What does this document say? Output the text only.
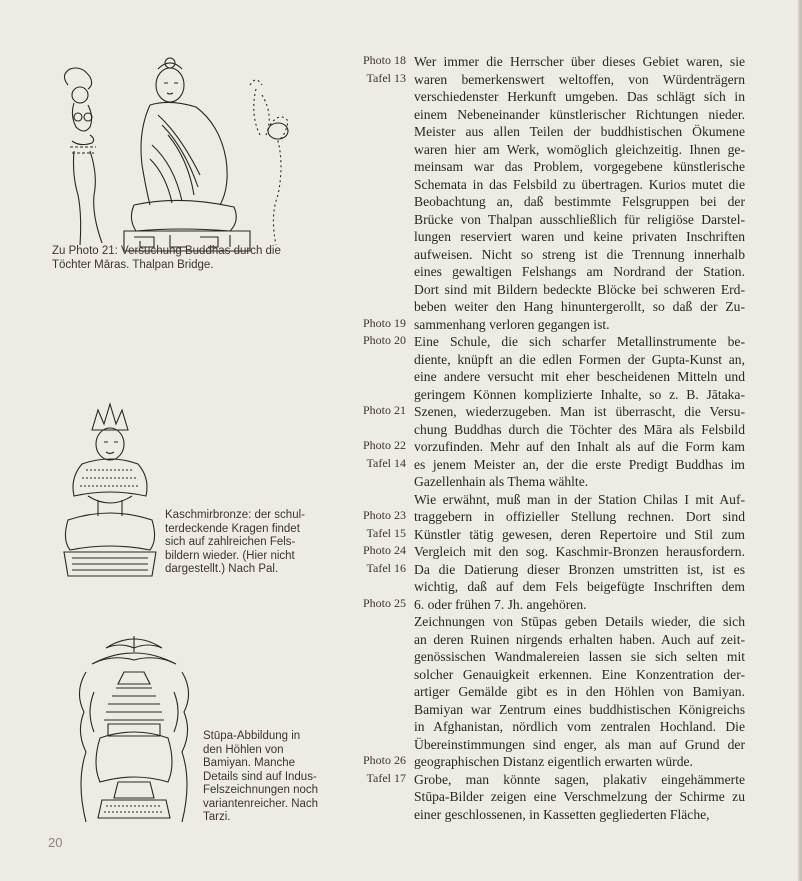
Zu Photo 21: Versuchung Buddhas durch die
Töchter Māras. Thalpan Bridge.
Kaschmirbronze: der schul-
terdeckende Kragen findet
sich auf zahlreichen Fels-
bildern wieder. (Hier nicht
dargestellt.) Nach Pal.
Stūpa-Abbildung in
den Höhlen von
Bamiyan. Manche
Details sind auf Indus-
Felszeichnungen noch
variantenreicher. Nach
Tarzi.
Photo 18
Tafel 13
Photo 19
Photo 20
Photo 21
Photo 22
Tafel 14
Photo 23
Tafel 15
Photo 24
Tafel 16
Photo 25
Photo 26
Tafel 17
Wer immer die Herrscher über dieses Gebiet waren, sie
waren bemerkenswert weltoffen, von Würdenträgern
verschiedenster Herkunft umgeben. Das schlägt sich in
einem Nebeneinander künstlerischer Richtungen nieder.
Meister aus allen Teilen der buddhistischen Ökumene
waren hier am Werk, womöglich gleichzeitig. Ihnen ge-
meinsam war das Problem, vorgegebene künstlerische
Schemata in das Felsbild zu übertragen. Kurios mutet die
Beobachtung an, daß bestimmte Felsgruppen bei der
Brücke von Thalpan ausschließlich für religiöse Darstel-
lungen reserviert waren und keine privaten Inschriften
aufweisen. Nicht so streng ist die Trennung innerhalb
eines gewaltigen Felshangs am Nordrand der Station.
Dort sind mit Bildern bedeckte Blöcke bei schweren Erd-
beben weiter den Hang hinuntergerollt, so daß der Zu-
sammenhang verloren gegangen ist.
Eine Schule, die sich scharfer Metallinstrumente be-
diente, knüpft an die edlen Formen der Gupta-Kunst an,
eine andere versucht mit eher bescheidenen Mitteln und
geringem Können komplizierte Inhalte, so z. B. Jātaka-
Szenen, wiederzugeben. Man ist überrascht, die Versu-
chung Buddhas durch die Töchter des Māra als Felsbild
vorzufinden. Mehr auf den Inhalt als auf die Form kam
es jenem Meister an, der die erste Predigt Buddhas im
Gazellenhain als Thema wählte.
Wie erwähnt, muß man in der Station Chilas I mit Auf-
traggebern in offizieller Stellung rechnen. Dort sind
Künstler tätig gewesen, deren Repertoire und Stil zum
Vergleich mit den sog. Kaschmir-Bronzen herausfordern.
Da die Datierung dieser Bronzen umstritten ist, ist es
wichtig, daß auf dem Fels beigefügte Inschriften dem
6. oder frühen 7. Jh. angehören.
Zeichnungen von Stūpas geben Details wieder, die sich
an deren Ruinen nirgends erhalten haben. Auch auf zeit-
genössischen Wandmalereien lassen sie sich selten mit
solcher Genauigkeit erkennen. Eine Konzentration der-
artiger Gemälde gibt es in den Höhlen von Bamiyan.
Bamiyan war Zentrum eines buddhistischen Königreichs
in Afghanistan, nördlich vom zentralen Hochland. Die
Übereinstimmungen sind enger, als man auf Grund der
geographischen Distanz eigentlich erwarten würde.
Grobe, man könnte sagen, plakativ eingehämmerte
Stūpa-Bilder zeigen eine Verschmelzung der Schirme zu
einer geschlossenen, in Kassetten gegliederten Fläche,
20
